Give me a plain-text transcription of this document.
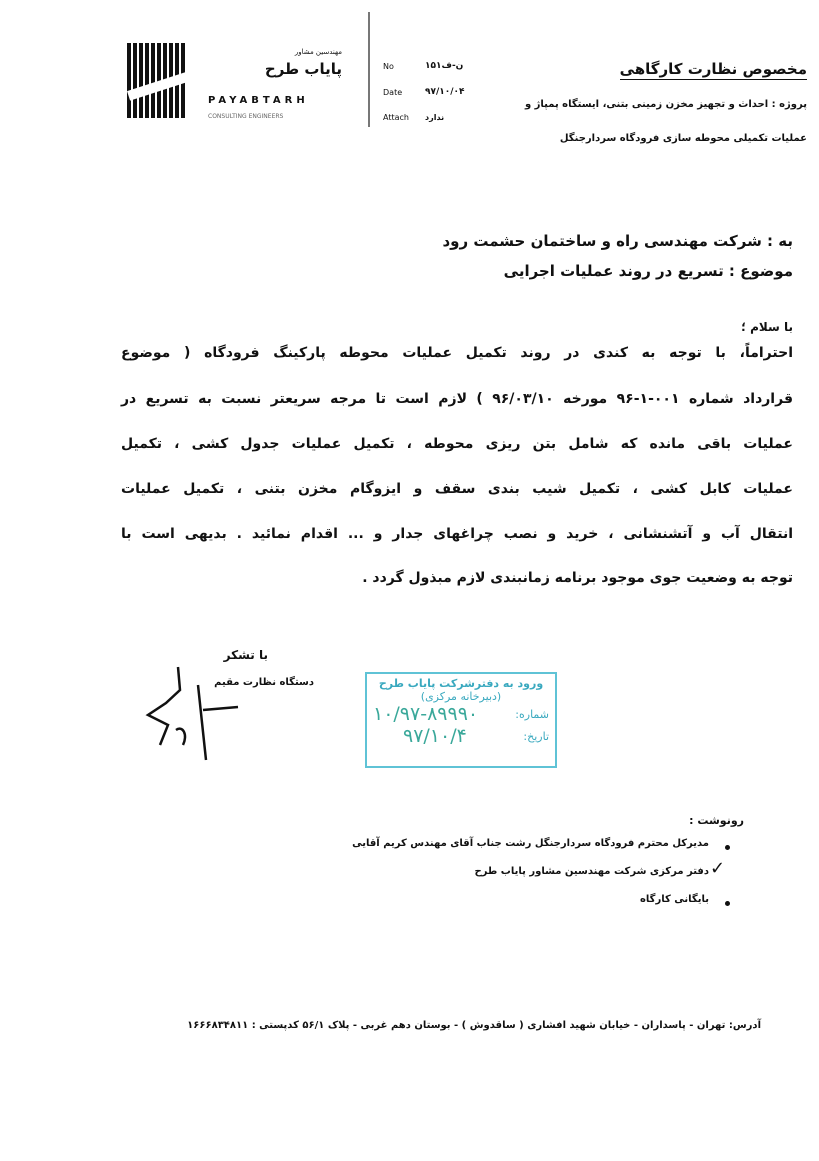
مهندسین مشاور
پایاب طرح
PAYABTARH
CONSULTING ENGINEERS
No	۱۵۱ن-ف
Date	۹۷/۱۰/۰۴
Attach ندارد
مخصوص نظارت کارگاهی
پروژه : احداث و تجهیز مخزن زمینی بتنی، ایستگاه پمپاژ و
عملیات تکمیلی محوطه سازی فرودگاه سردارجنگل
به : شرکت مهندسی راه و ساختمان حشمت رود
موضوع : تسریع در روند عملیات اجرایی
با سلام ؛
احتراماً، با توجه به کندی در روند تکمیل عملیات محوطه پارکینگ فرودگاه ( موضوع
قرارداد شماره ۰۰۱-۱-۹۶ مورخه ۹۶/۰۳/۱۰ ) لازم است تا مرجه سریعتر نسبت به تسریع در
عملیات باقی مانده که شامل بتن ریزی محوطه ، تکمیل عملیات جدول کشی ، تکمیل
عملیات کابل کشی ، تکمیل شیب بندی سقف و ایزوگام مخزن بتنی ، تکمیل عملیات
انتقال آب و آتشنشانی ، خرید و نصب چراغهای جدار و ... اقدام نمائید . بدیهی است با
توجه به وضعیت جوی موجود برنامه زمانبندی لازم مبذول گردد .
با تشکر
دستگاه نظارت مقیم	ورود به دفترشرکت پایاب طرح
(دبیرخانه مرکزی)
شماره:
۱۰/۹۷-۸۹۹۹۰
تاریخ:
۹۷/۱۰/۴
رونوشت :
مدیرکل محترم فرودگاه سردارجنگل رشت جناب آقای مهندس کریم آقایی
✓
دفتر مرکزی شرکت مهندسین مشاور پایاب طرح
بایگانی کارگاه
آدرس: تهران - پاسداران - خیابان شهید افشاری ( ساقدوش ) - بوستان دهم غربی - پلاک ۵۶/۱ کدپستی : ۱۶۶۶۸۳۴۸۱۱
